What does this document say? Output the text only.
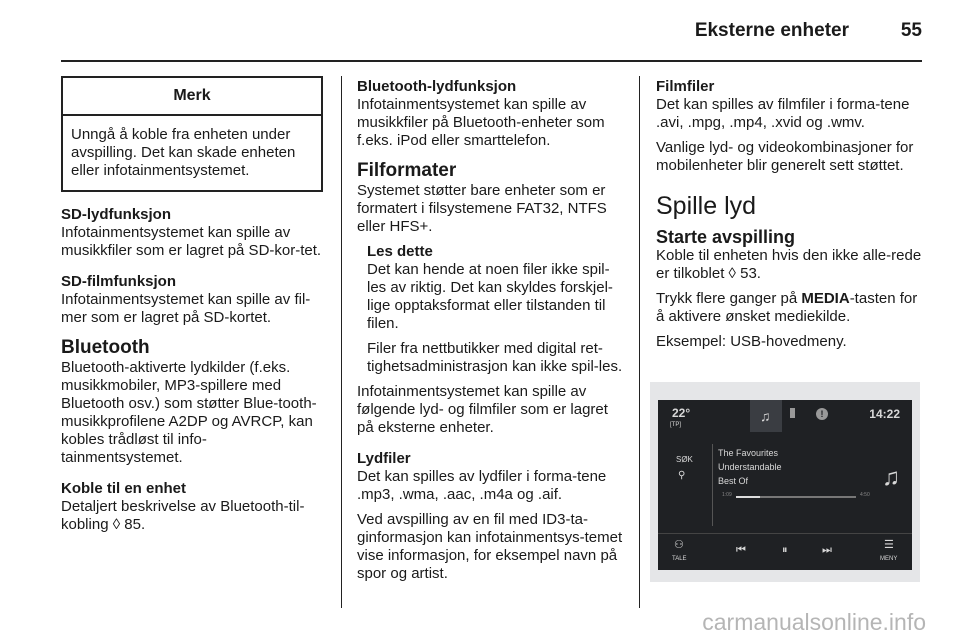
Eksterne enheter	55
Merk
Unngå å koble fra enheten under avspilling. Det kan skade enheten eller infotainmentsystemet.

SD-lydfunksjon
Infotainmentsystemet kan spille av musikkfiler som er lagret på SD-kor-tet.

SD-filmfunksjon
Infotainmentsystemet kan spille av fil-mer som er lagret på SD-kortet.

Bluetooth

Bluetooth-aktiverte lydkilder (f.eks. musikkmobiler, MP3-spillere med Bluetooth osv.) som støtter Blue-tooth-musikkprofilene A2DP og AVRCP, kan kobles trådløst til info-tainmentsystemet.

Koble til en enhet
Detaljert beskrivelse av Bluetooth-til-kobling ◊ 85.

Bluetooth-lydfunksjon
Infotainmentsystemet kan spille av musikkfiler på Bluetooth-enheter som f.eks. iPod eller smarttelefon.

Filformater

Systemet støtter bare enheter som er formatert i filsystemene FAT32, NTFS eller HFS+.

Les dette
Det kan hende at noen filer ikke spil-les av riktig. Det kan skyldes forskjel-lige opptaksformat eller tilstanden til filen.

Filer fra nettbutikker med digital ret-tighetsadministrasjon kan ikke spil-les.

Infotainmentsystemet kan spille av følgende lyd- og filmfiler som er lagret på eksterne enheter.

Lydfiler
Det kan spilles av lydfiler i forma-tene .mp3, .wma, .aac, .m4a og .aif.

Ved avspilling av en fil med ID3-ta-ginformasjon kan infotainmentsys-temet vise informasjon, for eksempel navn på spor og artist.

Filmfiler
Det kan spilles av filmfiler i forma-tene .avi, .mpg, .mp4, .xvid og .wmv.

Vanlige lyd- og videokombinasjoner for mobilenheter blir generelt sett støttet.

Spille lyd
Starte avspilling

Koble til enheten hvis den ikke alle-rede er tilkoblet ◊ 53.

Trykk flere ganger på MEDIA-tasten for å aktivere ønsket mediekilde.

Eksempel: USB-hovedmeny.

22°
[TP]
♫	!	14:22
SØK
⚲
The Favourites
Understandable
Best Of
1:09	4:50
♫
⚇
TALE
⏮	⏸	⏭	☰
MENY
carmanualsonline.info
